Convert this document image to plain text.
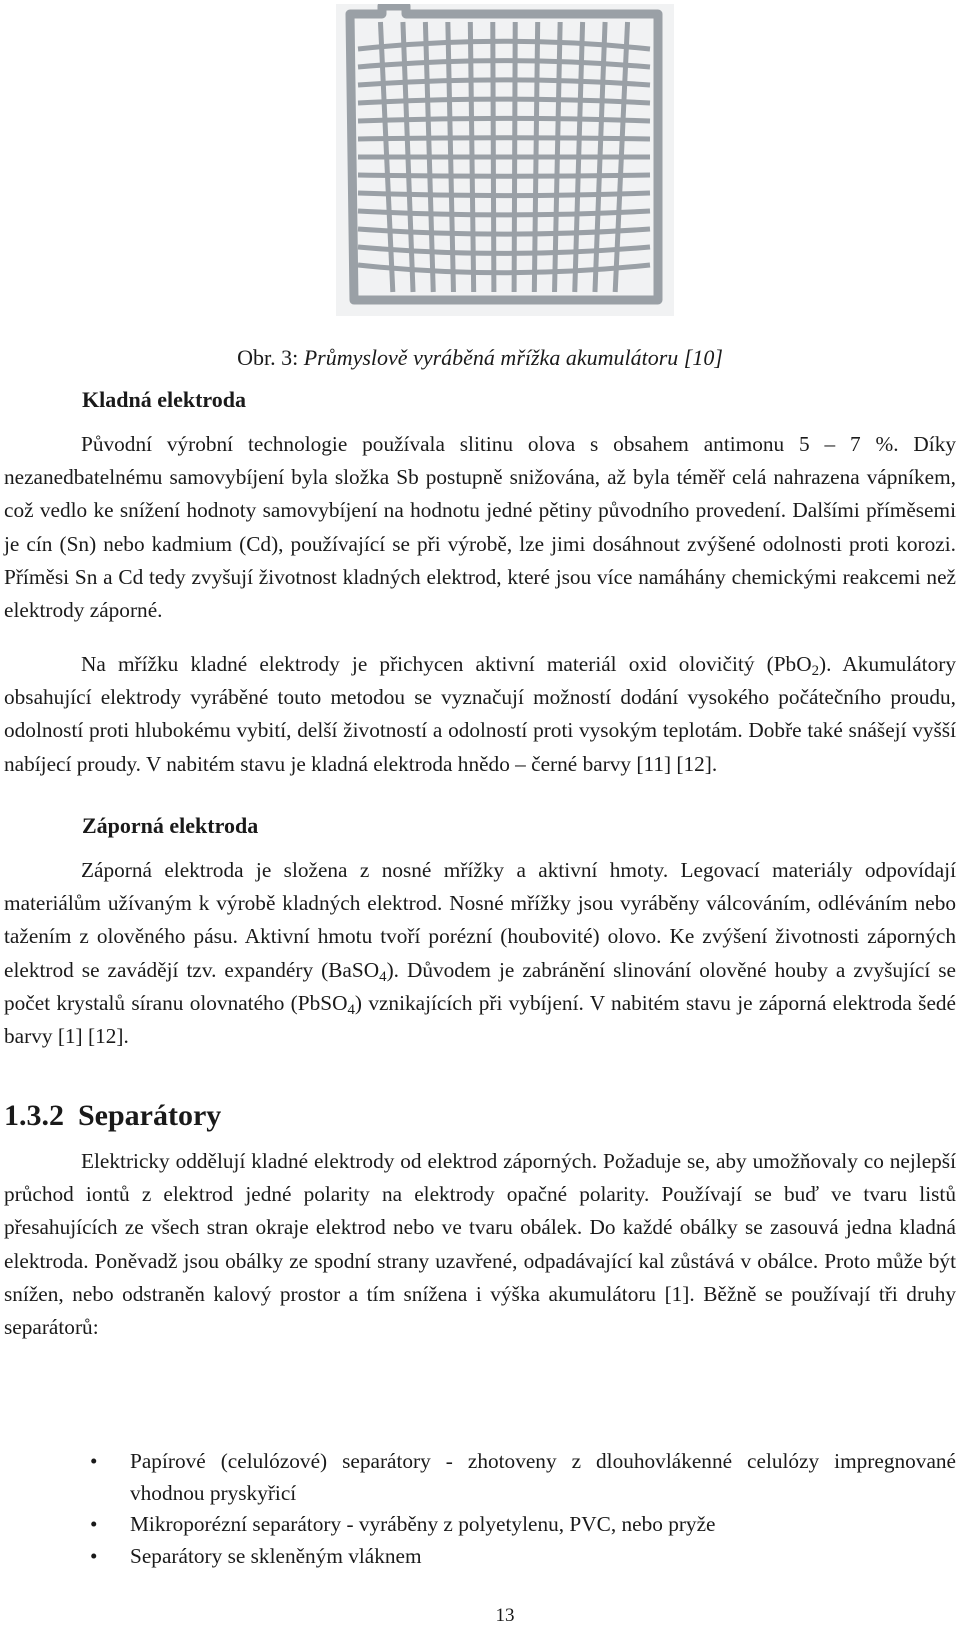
Obr. 3: Průmyslově vyráběná mřížka akumulátoru [10]
Kladná elektroda

Původní výrobní technologie používala slitinu olova s obsahem antimonu 5 – 7 %. Díky nezanedbatelnému samovybíjení byla složka Sb postupně snižována, až byla téměř celá nahrazena vápníkem, což vedlo ke snížení hodnoty samovybíjení na hodnotu jedné pětiny původního provedení. Dalšími příměsemi je cín (Sn) nebo kadmium (Cd), používající se při výrobě, lze jimi dosáhnout zvýšené odolnosti proti korozi. Příměsi Sn a Cd tedy zvyšují životnost kladných elektrod, které jsou více namáhány chemickými reakcemi než elektrody záporné.

Na mřížku kladné elektrody je přichycen aktivní materiál oxid olovičitý (PbO$_2$). Akumulátory obsahující elektrody vyráběné touto metodou se vyznačují možností dodání vysokého počátečního proudu, odolností proti hlubokému vybití, delší životností a odolností proti vysokým teplotám. Dobře také snášejí vyšší nabíjecí proudy. V nabitém stavu je kladná elektroda hnědo – černé barvy [11] [12].

Záporná elektroda

Záporná elektroda je složena z nosné mřížky a aktivní hmoty. Legovací materiály odpovídají materiálům užívaným k výrobě kladných elektrod. Nosné mřížky jsou vyráběny válcováním, odléváním nebo tažením z olověného pásu. Aktivní hmotu tvoří porézní (houbovité) olovo. Ke zvýšení životnosti záporných elektrod se zavádějí tzv. expandéry (BaSO$_4$). Důvodem je zabránění slinování olověné houby a zvyšující se počet krystalů síranu olovnatého (PbSO$_4$) vznikajících při vybíjení. V nabitém stavu je záporná elektroda šedé barvy [1] [12].

1.3.2 Separátory

Elektricky oddělují kladné elektrody od elektrod záporných. Požaduje se, aby umožňovaly co nejlepší průchod iontů z elektrod jedné polarity na elektrody opačné polarity. Používají se buď ve tvaru listů přesahujících ze všech stran okraje elektrod nebo ve tvaru obálek. Do každé obálky se zasouvá jedna kladná elektroda. Poněvadž jsou obálky ze spodní strany uzavřené, odpadávající kal zůstává v obálce. Proto může být snížen, nebo odstraněn kalový prostor a tím snížena i výška akumulátoru [1]. Běžně se používají tři druhy separátorů:

• Papírové (celulózové) separátory - zhotoveny z dlouhovlákenné celulózy impregnované vhodnou pryskyřicí
• Mikroporézní separátory - vyráběny z polyetylenu, PVC, nebo pryže
• Separátory se skleněným vláknem
13
